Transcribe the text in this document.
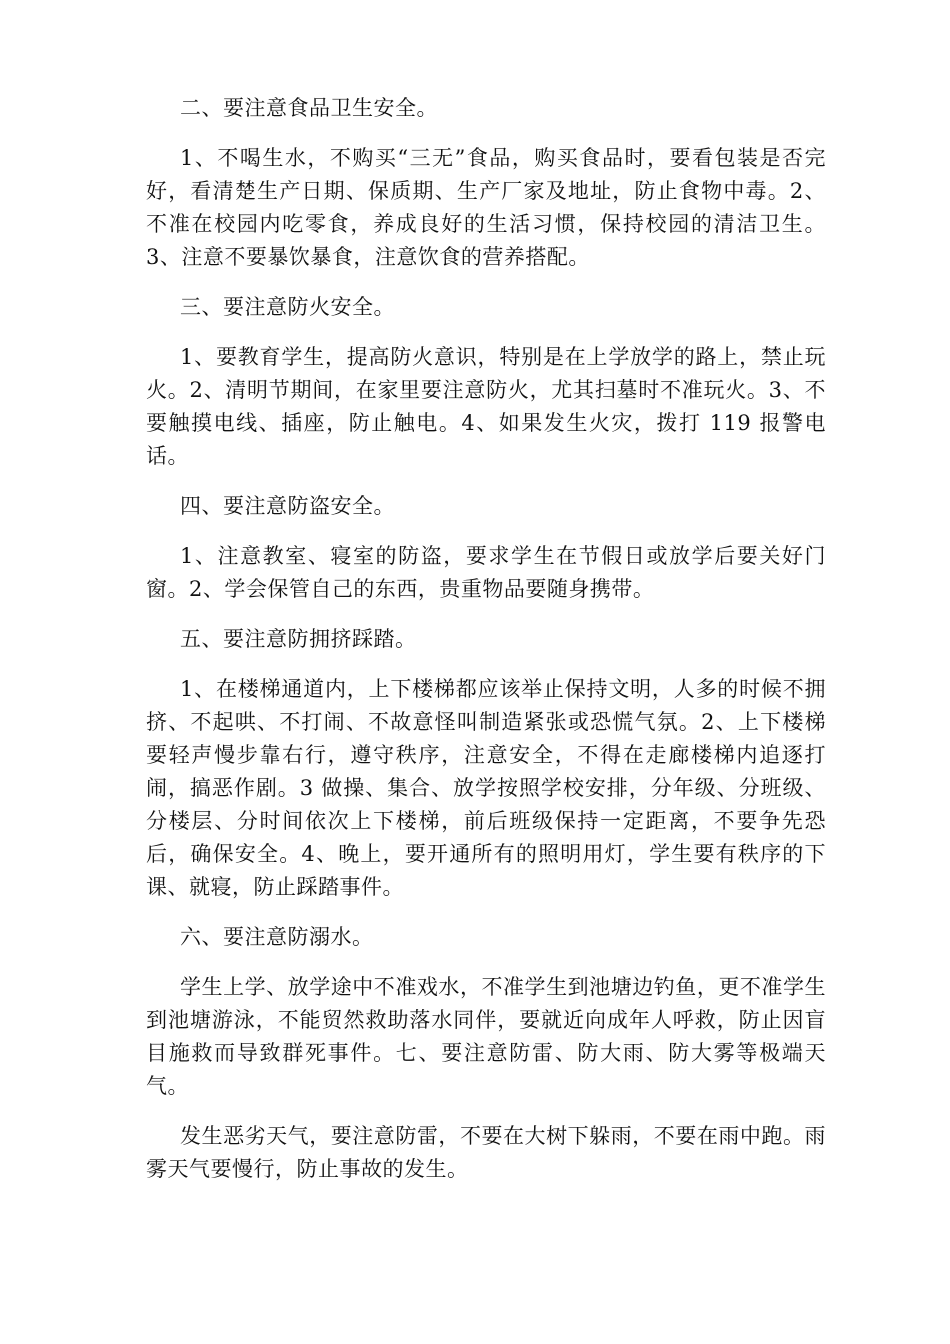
二、要注意食品卫生安全。

1、不喝生水，不购买“三无”食品，购买食品时，要看包装是否完好，看清楚生产日期、保质期、生产厂家及地址，防止食物中毒。2、不准在校园内吃零食，养成良好的生活习惯，保持校园的清洁卫生。3、注意不要暴饮暴食，注意饮食的营养搭配。

三、要注意防火安全。

1、要教育学生，提高防火意识，特别是在上学放学的路上，禁止玩火。2、清明节期间，在家里要注意防火，尤其扫墓时不准玩火。3、不要触摸电线、插座，防止触电。4、如果发生火灾，拨打 119 报警电话。

四、要注意防盗安全。

1、注意教室、寝室的防盗，要求学生在节假日或放学后要关好门窗。2、学会保管自己的东西，贵重物品要随身携带。

五、要注意防拥挤踩踏。

1、在楼梯通道内，上下楼梯都应该举止保持文明，人多的时候不拥挤、不起哄、不打闹、不故意怪叫制造紧张或恐慌气氛。2、上下楼梯要轻声慢步靠右行，遵守秩序，注意安全，不得在走廊楼梯内追逐打闹，搞恶作剧。3 做操、集合、放学按照学校安排，分年级、分班级、分楼层、分时间依次上下楼梯，前后班级保持一定距离，不要争先恐后，确保安全。4、晚上，要开通所有的照明用灯，学生要有秩序的下课、就寝，防止踩踏事件。

六、要注意防溺水。

学生上学、放学途中不准戏水，不准学生到池塘边钓鱼，更不准学生到池塘游泳，不能贸然救助落水同伴，要就近向成年人呼救，防止因盲目施救而导致群死事件。七、要注意防雷、防大雨、防大雾等极端天气。

发生恶劣天气，要注意防雷，不要在大树下躲雨，不要在雨中跑。雨雾天气要慢行，防止事故的发生。
